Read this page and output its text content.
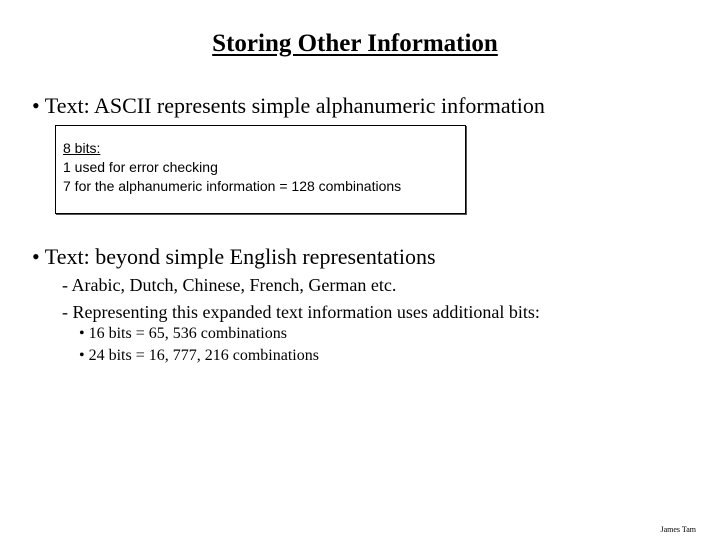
Storing Other Information
• Text: ASCII represents simple alphanumeric information
8 bits:
1 used for error checking
7 for the alphanumeric information = 128 combinations
• Text: beyond simple English representations
- Arabic, Dutch, Chinese, French, German etc.
- Representing this expanded text information uses additional bits:
• 16 bits = 65, 536 combinations
• 24 bits = 16, 777, 216 combinations
James Tam
